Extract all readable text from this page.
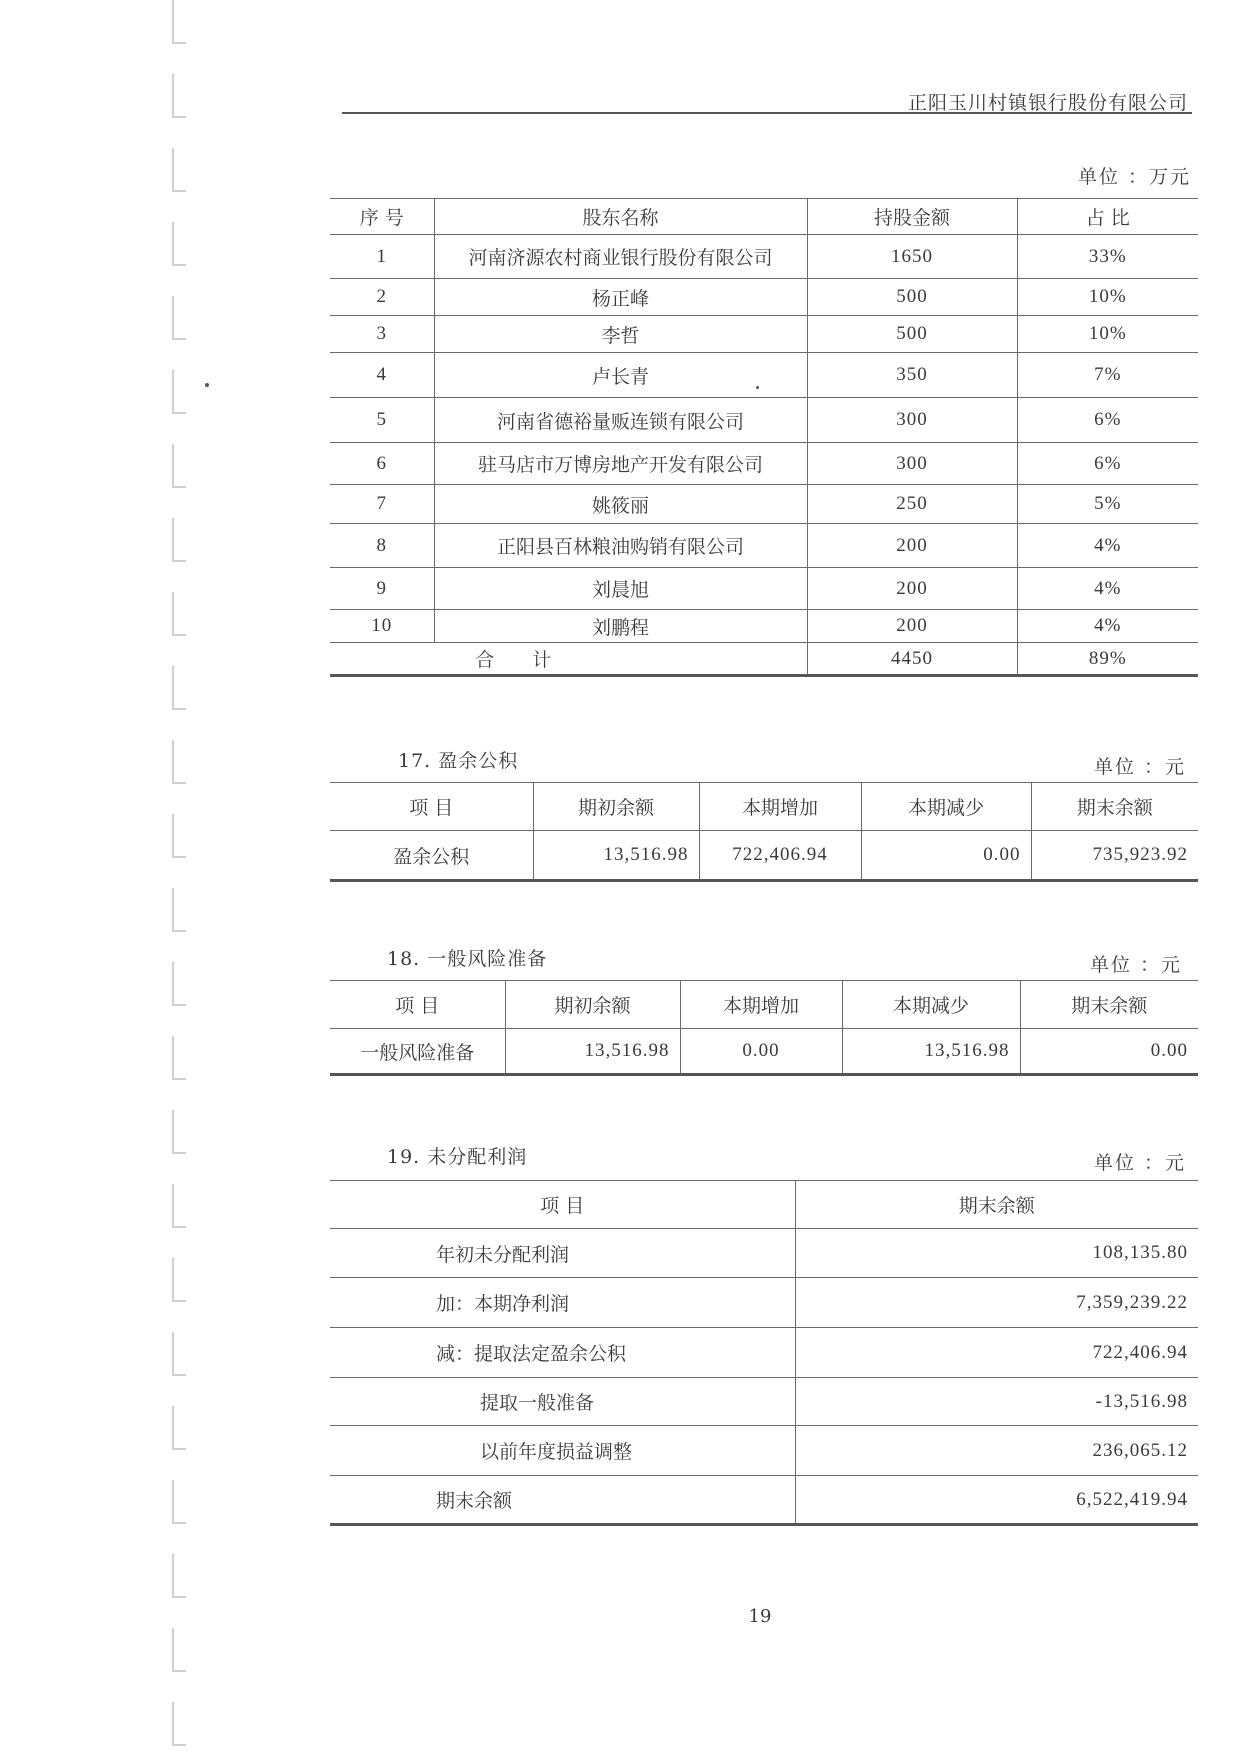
正阳玉川村镇银行股份有限公司
单位 ：万元
序 号	股东名称	持股金额	占 比
1	河南济源农村商业银行股份有限公司	1650	33%
2	杨正峰	500	10%
3	李哲	500	10%
4	卢长青	350	7%
5	河南省德裕量贩连锁有限公司	300	6%
6	驻马店市万博房地产开发有限公司	300	6%
7	姚筱丽	250	5%
8	正阳县百林粮油购销有限公司	200	4%
9	刘晨旭	200	4%
10	刘鹏程	200	4%
合　　计		4450	89%
17. 盈余公积	单位 ：元
项 目	期初余额	本期增加	本期减少	期末余额
盈余公积	13,516.98	722,406.94	0.00	735,923.92
18. 一般风险准备	单位 ：元
项 目	期初余额	本期增加	本期减少	期末余额
一般风险准备	13,516.98	0.00	13,516.98	0.00
19. 未分配利润	单位 ：元
项 目	期末余额
年初未分配利润	108,135.80
加：本期净利润	7,359,239.22
减：提取法定盈余公积	722,406.94
提取一般准备	-13,516.98
以前年度损益调整	236,065.12
期末余额	6,522,419.94
19
